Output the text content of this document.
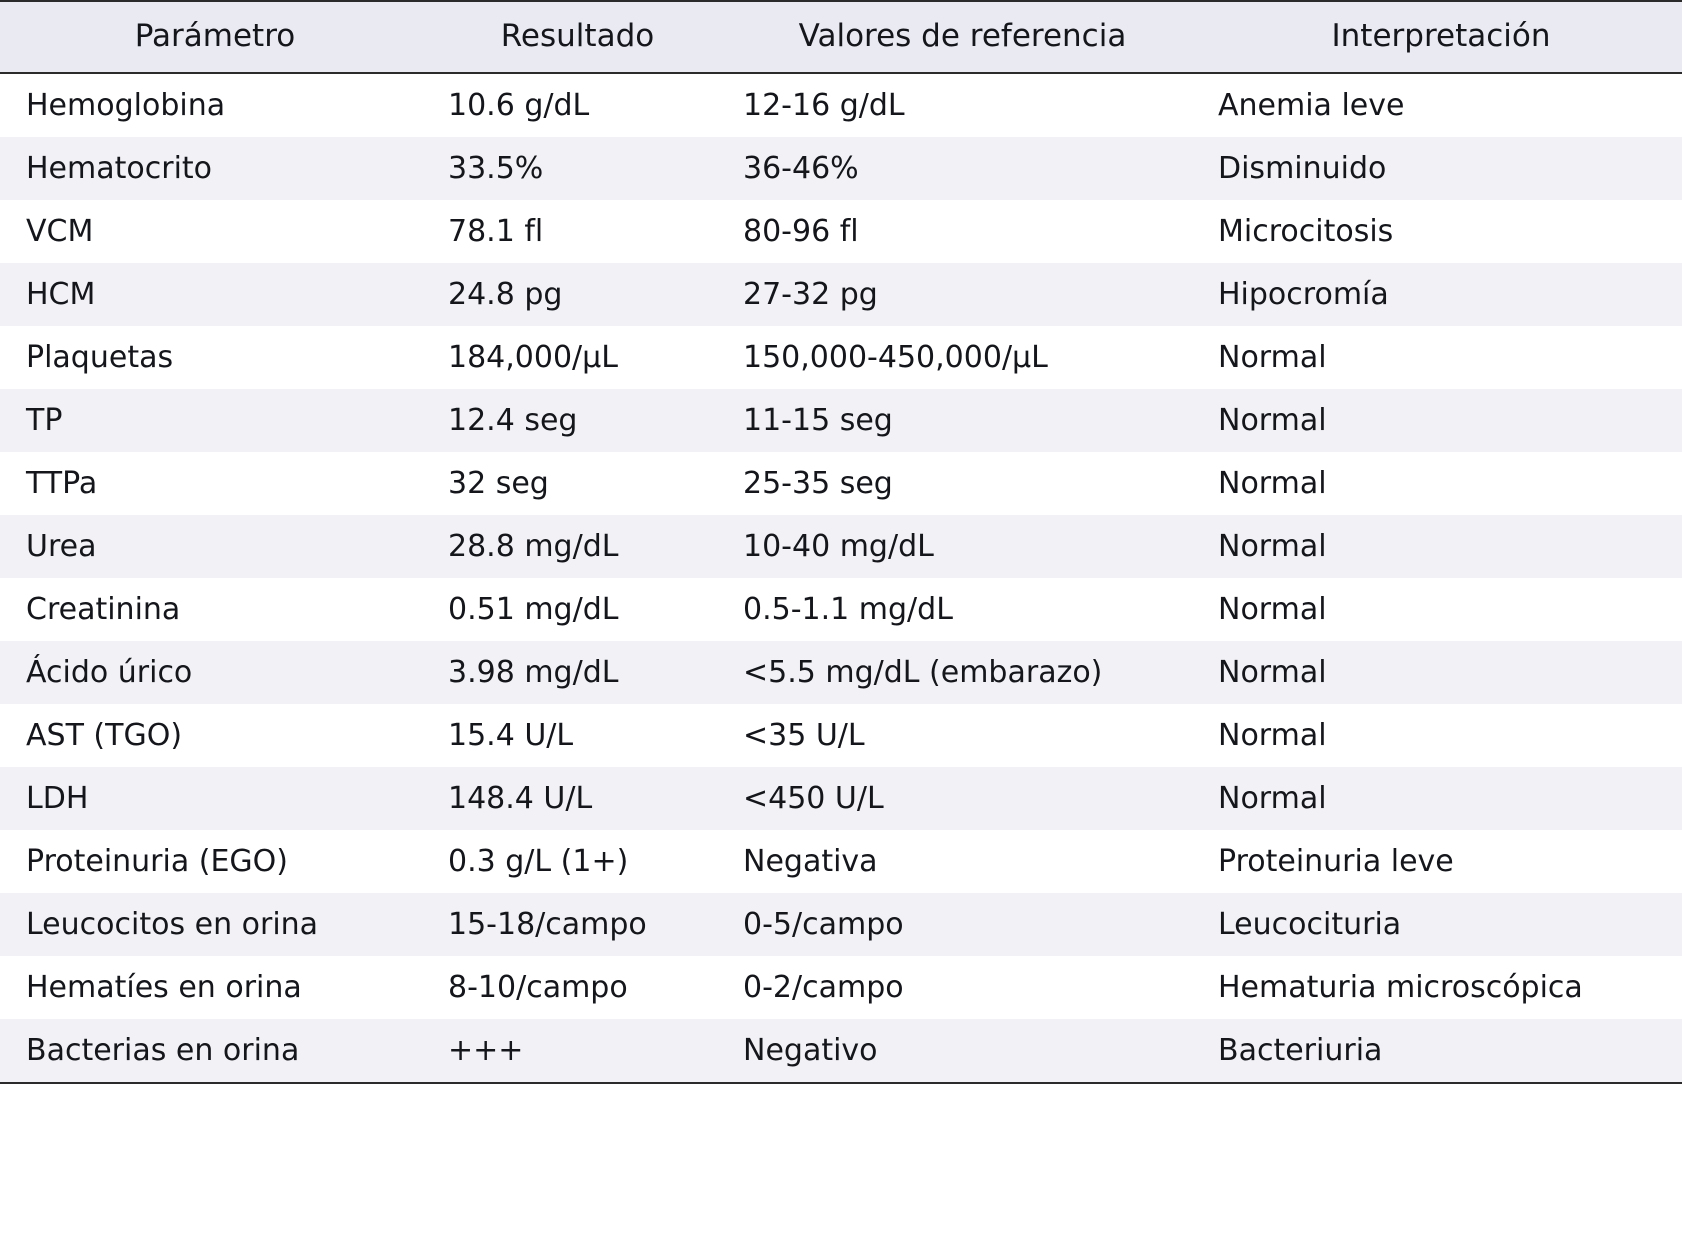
Parámetro	Resultado	Valores de referencia	Interpretación
Hemoglobina	10.6 g/dL	12-16 g/dL	Anemia leve
Hematocrito	33.5%	36-46%	Disminuido
VCM	78.1 fl	80-96 fl	Microcitosis
HCM	24.8 pg	27-32 pg	Hipocromía
Plaquetas	184,000/µL	150,000-450,000/µL	Normal
TP	12.4 seg	11-15 seg	Normal
TTPa	32 seg	25-35 seg	Normal
Urea	28.8 mg/dL	10-40 mg/dL	Normal
Creatinina	0.51 mg/dL	0.5-1.1 mg/dL	Normal
Ácido úrico	3.98 mg/dL	<5.5 mg/dL (embarazo)	Normal
AST (TGO)	15.4 U/L	<35 U/L	Normal
LDH	148.4 U/L	<450 U/L	Normal
Proteinuria (EGO)	0.3 g/L (1+)	Negativa	Proteinuria leve
Leucocitos en orina	15-18/campo	0-5/campo	Leucocituria
Hematíes en orina	8-10/campo	0-2/campo	Hematuria microscópica
Bacterias en orina	+++	Negativo	Bacteriuria
